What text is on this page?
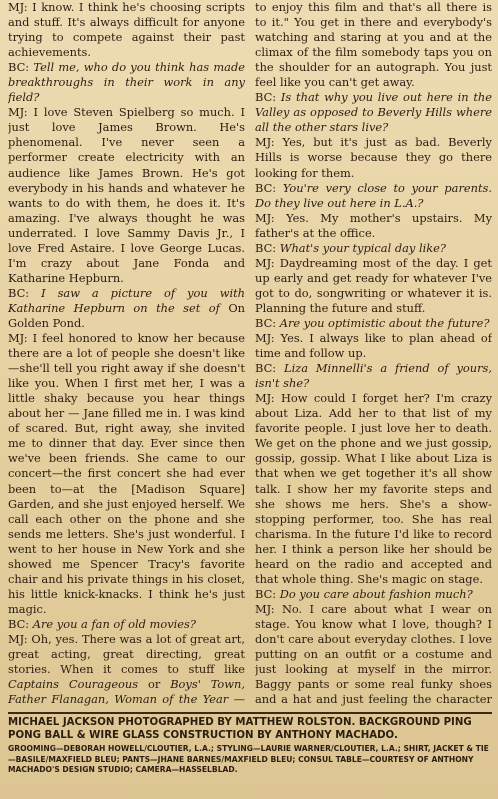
MJ: I know. I think he's choosing scripts and stuff. It's always difficult for anyone trying to compete against their past achievements.

BC: Tell me, who do you think has made breakthroughs in their work in any field?

MJ: I love Steven Spielberg so much. I just love James Brown. He's phenomenal. I've never seen a performer create electricity with an audience like James Brown. He's got everybody in his hands and whatever he wants to do with them, he does it. It's amazing. I've always thought he was underrated. I love Sammy Davis Jr., I love Fred Astaire. I love George Lucas. I'm crazy about Jane Fonda and Katharine Hepburn.

BC: I saw a picture of you with Katharine Hepburn on the set of On Golden Pond.

MJ: I feel honored to know her because there are a lot of people she doesn't like—she'll tell you right away if she doesn't like you. When I first met her, I was a little shaky because you hear things about her — Jane filled me in. I was kind of scared. But, right away, she invited me to dinner that day. Ever since then we've been friends. She came to our concert—the first concert she had ever been to—at the [Madison Square] Garden, and she just enjoyed herself. We call each other on the phone and she sends me letters. She's just wonderful. I went to her house in New York and she showed me Spencer Tracy's favorite chair and his private things in his closet, his little knick-knacks. I think he's just magic.

BC: Are you a fan of old movies?

MJ: Oh, yes. There was a lot of great art, great acting, great directing, great stories. When it comes to stuff like Captains Courageous or Boys' Town, Father Flanagan, Woman of the Year —

to enjoy this film and that's all there is to it." You get in there and everybody's watching and staring at you and at the climax of the film somebody taps you on the shoulder for an autograph. You just feel like you can't get away.

BC: Is that why you live out here in the Valley as opposed to Beverly Hills where all the other stars live?

MJ: Yes, but it's just as bad. Beverly Hills is worse because they go there looking for them.

BC: You're very close to your parents. Do they live out here in L.A.?

MJ: Yes. My mother's upstairs. My father's at the office.

BC: What's your typical day like?

MJ: Daydreaming most of the day. I get up early and get ready for whatever I've got to do, songwriting or whatever it is. Planning the future and stuff.

BC: Are you optimistic about the future?

MJ: Yes. I always like to plan ahead of time and follow up.

BC: Liza Minnelli's a friend of yours, isn't she?

MJ: How could I forget her? I'm crazy about Liza. Add her to that list of my favorite people. I just love her to death. We get on the phone and we just gossip, gossip, gossip. What I like about Liza is that when we get together it's all show talk. I show her my favorite steps and she shows me hers. She's a show-stopping performer, too. She has real charisma. In the future I'd like to record her. I think a person like her should be heard on the radio and accepted and that whole thing. She's magic on stage.

BC: Do you care about fashion much?

MJ: No. I care about what I wear on stage. You know what I love, though? I don't care about everyday clothes. I love putting on an outfit or a costume and just looking at myself in the mirror. Baggy pants or some real funky shoes and a hat and just feeling the character

MICHAEL JACKSON PHOTOGRAPHED BY MATTHEW ROLSTON. BACKGROUND PING PONG BALL & WIRE GLASS CONSTRUCTION BY ANTHONY MACHADO.

GROOMING—DEBORAH HOWELL/CLOUTIER, L.A.; STYLING—LAURIE WARNER/CLOUTIER, L.A.; SHIRT, JACKET & TIE—BASILE/MAXFIELD BLEU; PANTS—JHANE BARNES/MAXFIELD BLEU; CONSUL TABLE—COURTESY OF ANTHONY MACHADO'S DESIGN STUDIO; CAMERA—HASSELBLAD.
